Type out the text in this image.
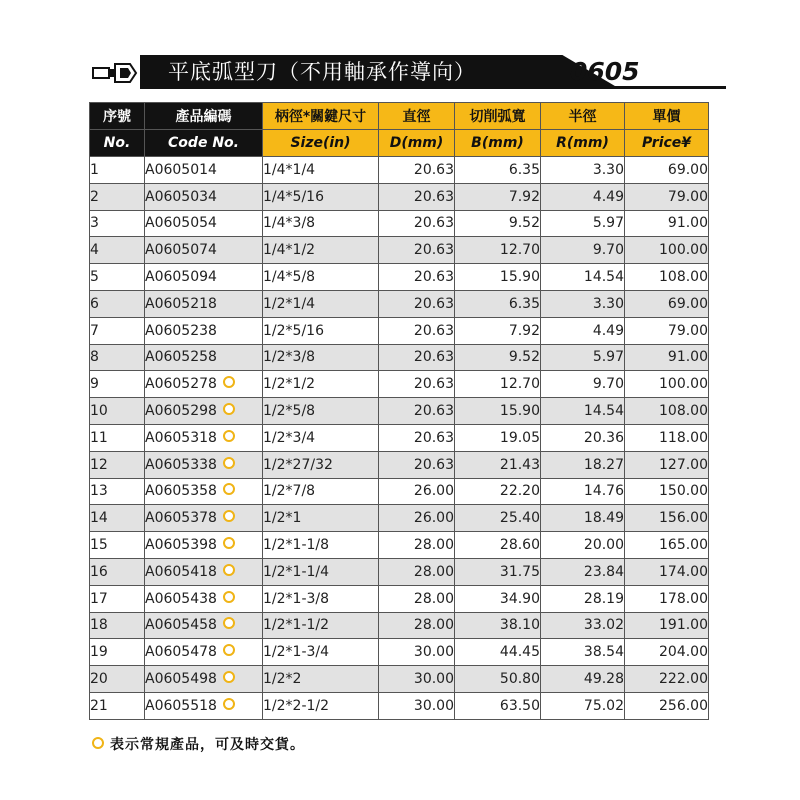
平底弧型刀（不用軸承作導向）	0605
序號	產品編碼	柄徑*關鍵尺寸	直徑	切削弧寬	半徑	單價
No.	Code No.	Size(in)	D(mm)	B(mm)	R(mm)	Price¥
1	A0605014	1/4*1/4	20.63	6.35	3.30	69.00
2	A0605034	1/4*5/16	20.63	7.92	4.49	79.00
3	A0605054	1/4*3/8	20.63	9.52	5.97	91.00
4	A0605074	1/4*1/2	20.63	12.70	9.70	100.00
5	A0605094	1/4*5/8	20.63	15.90	14.54	108.00
6	A0605218	1/2*1/4	20.63	6.35	3.30	69.00
7	A0605238	1/2*5/16	20.63	7.92	4.49	79.00
8	A0605258	1/2*3/8	20.63	9.52	5.97	91.00
9	A0605278	1/2*1/2	20.63	12.70	9.70	100.00
10	A0605298	1/2*5/8	20.63	15.90	14.54	108.00
11	A0605318	1/2*3/4	20.63	19.05	20.36	118.00
12	A0605338	1/2*27/32	20.63	21.43	18.27	127.00
13	A0605358	1/2*7/8	26.00	22.20	14.76	150.00
14	A0605378	1/2*1	26.00	25.40	18.49	156.00
15	A0605398	1/2*1-1/8	28.00	28.60	20.00	165.00
16	A0605418	1/2*1-1/4	28.00	31.75	23.84	174.00
17	A0605438	1/2*1-3/8	28.00	34.90	28.19	178.00
18	A0605458	1/2*1-1/2	28.00	38.10	33.02	191.00
19	A0605478	1/2*1-3/4	30.00	44.45	38.54	204.00
20	A0605498	1/2*2	30.00	50.80	49.28	222.00
21	A0605518	1/2*2-1/2	30.00	63.50	75.02	256.00
表示常規產品，可及時交貨。
